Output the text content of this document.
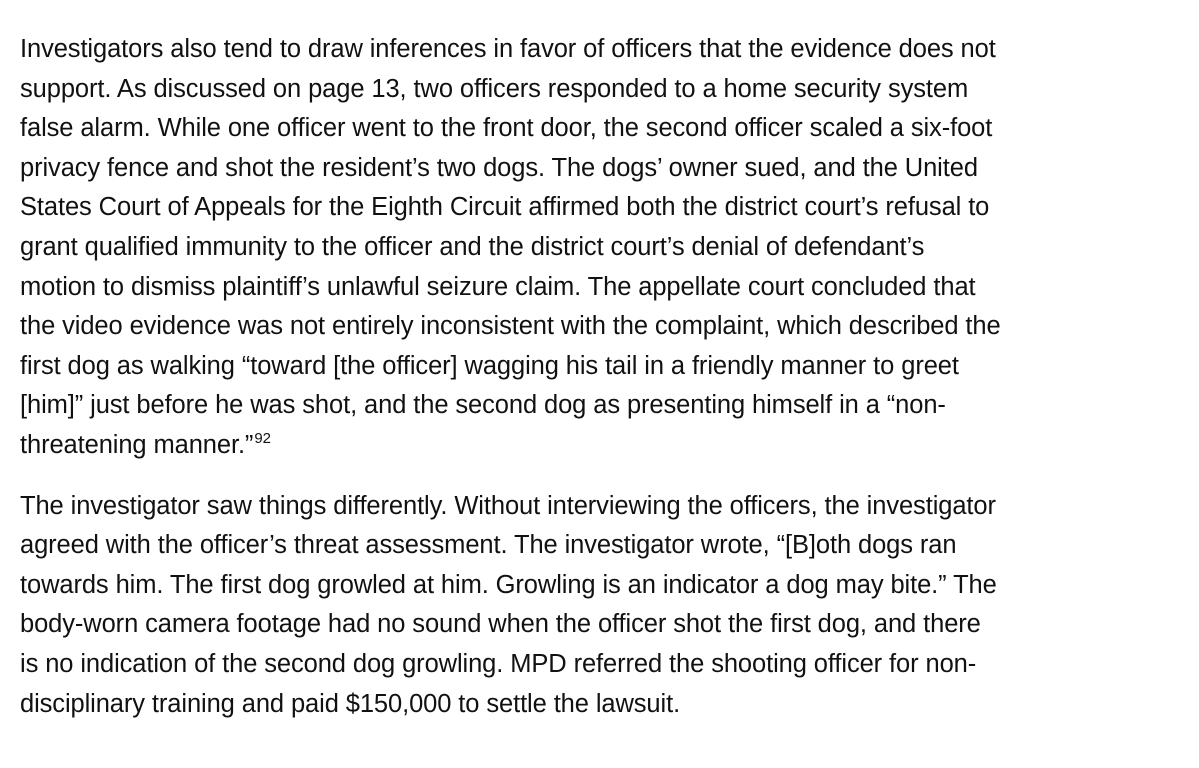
Investigators also tend to draw inferences in favor of officers that the evidence does not
support. As discussed on page 13, two officers responded to a home security system
false alarm. While one officer went to the front door, the second officer scaled a six-foot
privacy fence and shot the resident’s two dogs. The dogs’ owner sued, and the United
States Court of Appeals for the Eighth Circuit affirmed both the district court’s refusal to
grant qualified immunity to the officer and the district court’s denial of defendant’s
motion to dismiss plaintiff’s unlawful seizure claim. The appellate court concluded that
the video evidence was not entirely inconsistent with the complaint, which described the
first dog as walking “toward [the officer] wagging his tail in a friendly manner to greet
[him]” just before he was shot, and the second dog as presenting himself in a “non-
threatening manner.”$^{92}$

The investigator saw things differently. Without interviewing the officers, the investigator
agreed with the officer’s threat assessment. The investigator wrote, “[B]oth dogs ran
towards him. The first dog growled at him. Growling is an indicator a dog may bite.” The
body-worn camera footage had no sound when the officer shot the first dog, and there
is no indication of the second dog growling. MPD referred the shooting officer for non-
disciplinary training and paid $150,000 to settle the lawsuit.
